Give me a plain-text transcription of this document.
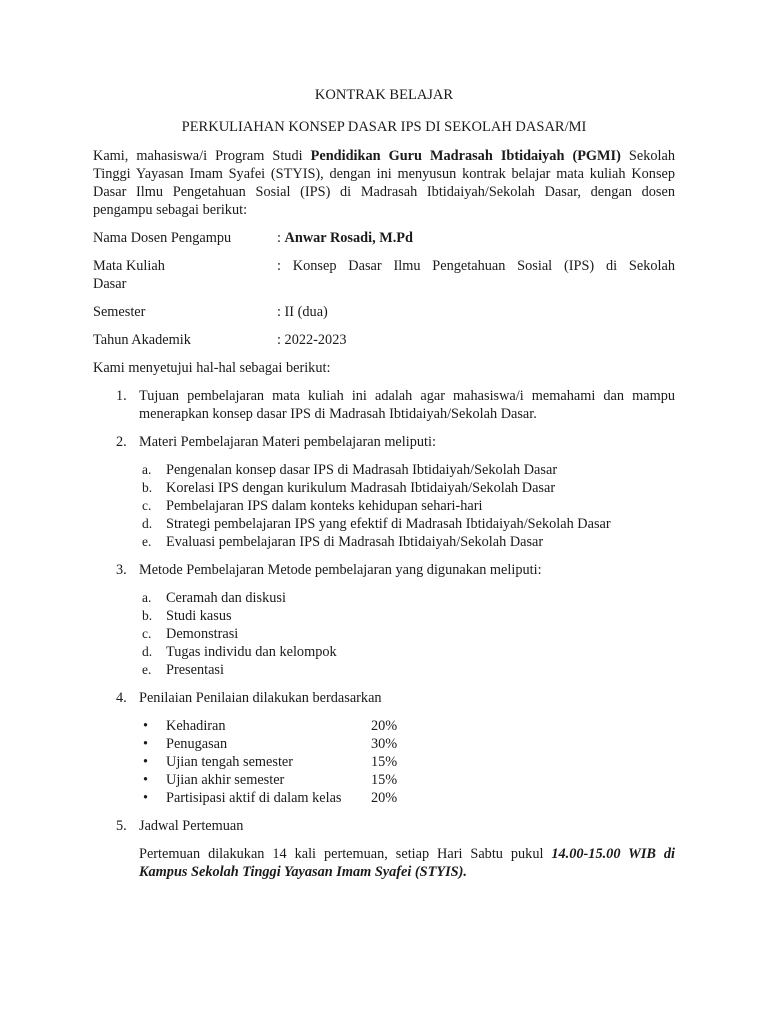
KONTRAK BELAJAR

PERKULIAHAN KONSEP DASAR IPS DI SEKOLAH DASAR/MI

Kami, mahasiswa/i Program Studi Pendidikan Guru Madrasah Ibtidaiyah (PGMI) Sekolah Tinggi Yayasan Imam Syafei (STYIS), dengan ini menyusun kontrak belajar mata kuliah Konsep Dasar Ilmu Pengetahuan Sosial (IPS) di Madrasah Ibtidaiyah/Sekolah Dasar, dengan dosen pengampu sebagai berikut:

Nama Dosen Pengampu	: Anwar Rosadi, M.Pd
Mata Kuliah	: Konsep Dasar Ilmu Pengetahuan Sosial (IPS) di Sekolah
Dasar
Semester	: II (dua)
Tahun Akademik	: 2022-2023

Kami menyetujui hal-hal sebagai berikut:

1. Tujuan pembelajaran mata kuliah ini adalah agar mahasiswa/i memahami dan mampu menerapkan konsep dasar IPS di Madrasah Ibtidaiyah/Sekolah Dasar.
2. Materi Pembelajaran Materi pembelajaran meliputi:
a.	Pengenalan konsep dasar IPS di Madrasah Ibtidaiyah/Sekolah Dasar
b. Korelasi IPS dengan kurikulum Madrasah Ibtidaiyah/Sekolah Dasar
c.	Pembelajaran IPS dalam konteks kehidupan sehari-hari
d. Strategi pembelajaran IPS yang efektif di Madrasah Ibtidaiyah/Sekolah Dasar
e.	Evaluasi pembelajaran IPS di Madrasah Ibtidaiyah/Sekolah Dasar
3. Metode Pembelajaran Metode pembelajaran yang digunakan meliputi:
a.	Ceramah dan diskusi
b. Studi kasus
c.	Demonstrasi
d. Tugas individu dan kelompok
e.	Presentasi
4. Penilaian Penilaian dilakukan berdasarkan
•	Kehadiran	20%
•	Penugasan	30%
•	Ujian tengah semester	15%
•	Ujian akhir semester	15%
•	Partisipasi aktif di dalam kelas	20%
5. Jadwal Pertemuan

Pertemuan dilakukan 14 kali pertemuan, setiap Hari Sabtu pukul 14.00-15.00 WIB di Kampus Sekolah Tinggi Yayasan Imam Syafei (STYIS).
